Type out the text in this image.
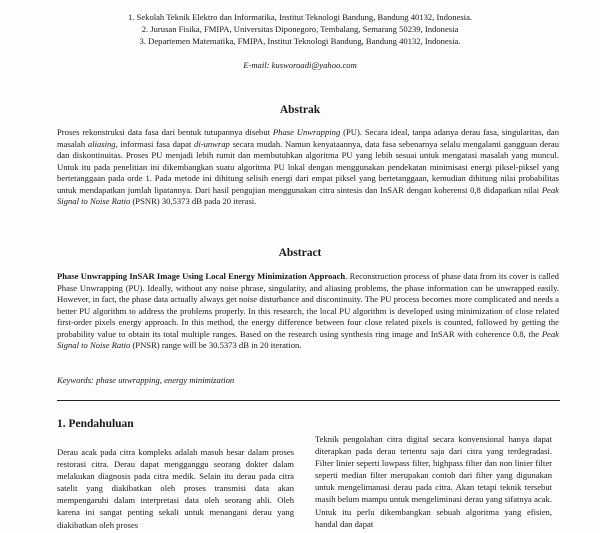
1. Sekolah Teknik Elektro dan Informatika, Institut Teknologi Bandung, Bandung 40132, Indonesia.
2. Jurusan Fisika, FMIPA, Universitas Diponegoro, Tembalang, Semarang 50239, Indonesia
3. Departemen Matematika, FMIPA, Institut Teknologi Bandung, Bandung 40132, Indonesia.
E-mail: kusworoadi@yahoo.com
Abstrak
Proses rekonstruksi data fasa dari bentuk tutupannya disebut Phase Unwrapping (PU). Secara ideal, tanpa adanya derau fasa, singularitas, dan masalah aliasing, informasi fasa dapat di-unwrap secara mudah. Namun kenyataannya, data fasa sebenarnya selalu mengalami gangguan derau dan diskontinuitas. Proses PU menjadi lebih rumit dan membutuhkan algoritma PU yang lebih sesuai untuk mengatasi masalah yang muncul. Untuk itu pada penelitian ini dikembangkan suatu algoritma PU lokal dengan menggunakan pendekatan minimisasi energi piksel-piksel yang bertetanggaan pada orde 1. Pada metode ini dihitung selisih energi dari empat piksel yang bertetanggaan, kemudian dihitung nilai probabilitas untuk mendapatkan jumlah lipatannya. Dari hasil pengujian menggunakan citra sintesis dan InSAR dengan koherensi 0,8 didapatkan nilai Peak Signal to Noise Ratio (PSNR) 30,5373 dB pada 20 iterasi.
Abstract
Phase Unwrapping InSAR Image Using Local Energy Minimization Approach. Reconstruction process of phase data from its cover is called Phase Unwrapping (PU). Ideally, without any noise phrase, singularity, and aliasing problems, the phase information can be unwrapped easily. However, in fact, the phase data actually always get noise disturbance and discontinuity. The PU process becomes more complicated and needs a better PU algorithm to address the problems properly. In this research, the local PU algorithm is developed using minimization of close related first-order pixels energy approach. In this method, the energy difference between four close related pixels is counted, followed by getting the probability value to obtain its total multiple ranges. Based on the research using synthesis ring image and InSAR with coherence 0.8, the Peak Signal to Noise Ratio (PNSR) range will be 30.5373 dB in 20 iteration.
Keywords: phase unwrapping, energy minimization
1. Pendahuluan
Derau acak pada citra kompleks adalah masuh besar dalam proses restorasi citra. Derau dapat mengganggu seorang dokter dalam melakukan diagnosis pada citra medik. Selain itu derau pada citra satelit yang diakibatkan oleh proses transmisi data akan mempengaruhi dalam interpretasi data oleh seorang ahli. Oleh karena ini sangat penting sekali untuk menangani derau yang diakibatkan oleh proses
Teknik pengolahan citra digital secara konvensional hanya dapat diterapkan pada derau tertentu saja dari citra yang terdegradasi. Filter linier seperti lowpass filter, highpass filter dan non linier filter seperti median filter merupakan contoh dari filter yang digunakan untuk mengelimanasi derau pada citra. Akan tetapi teknik tersebut masih belum mampu untuk mengeliminasi derau yang sifatnya acak. Untuk itu perlu dikembangkan sebuah algoritma yang efisien, handal dan dapat
